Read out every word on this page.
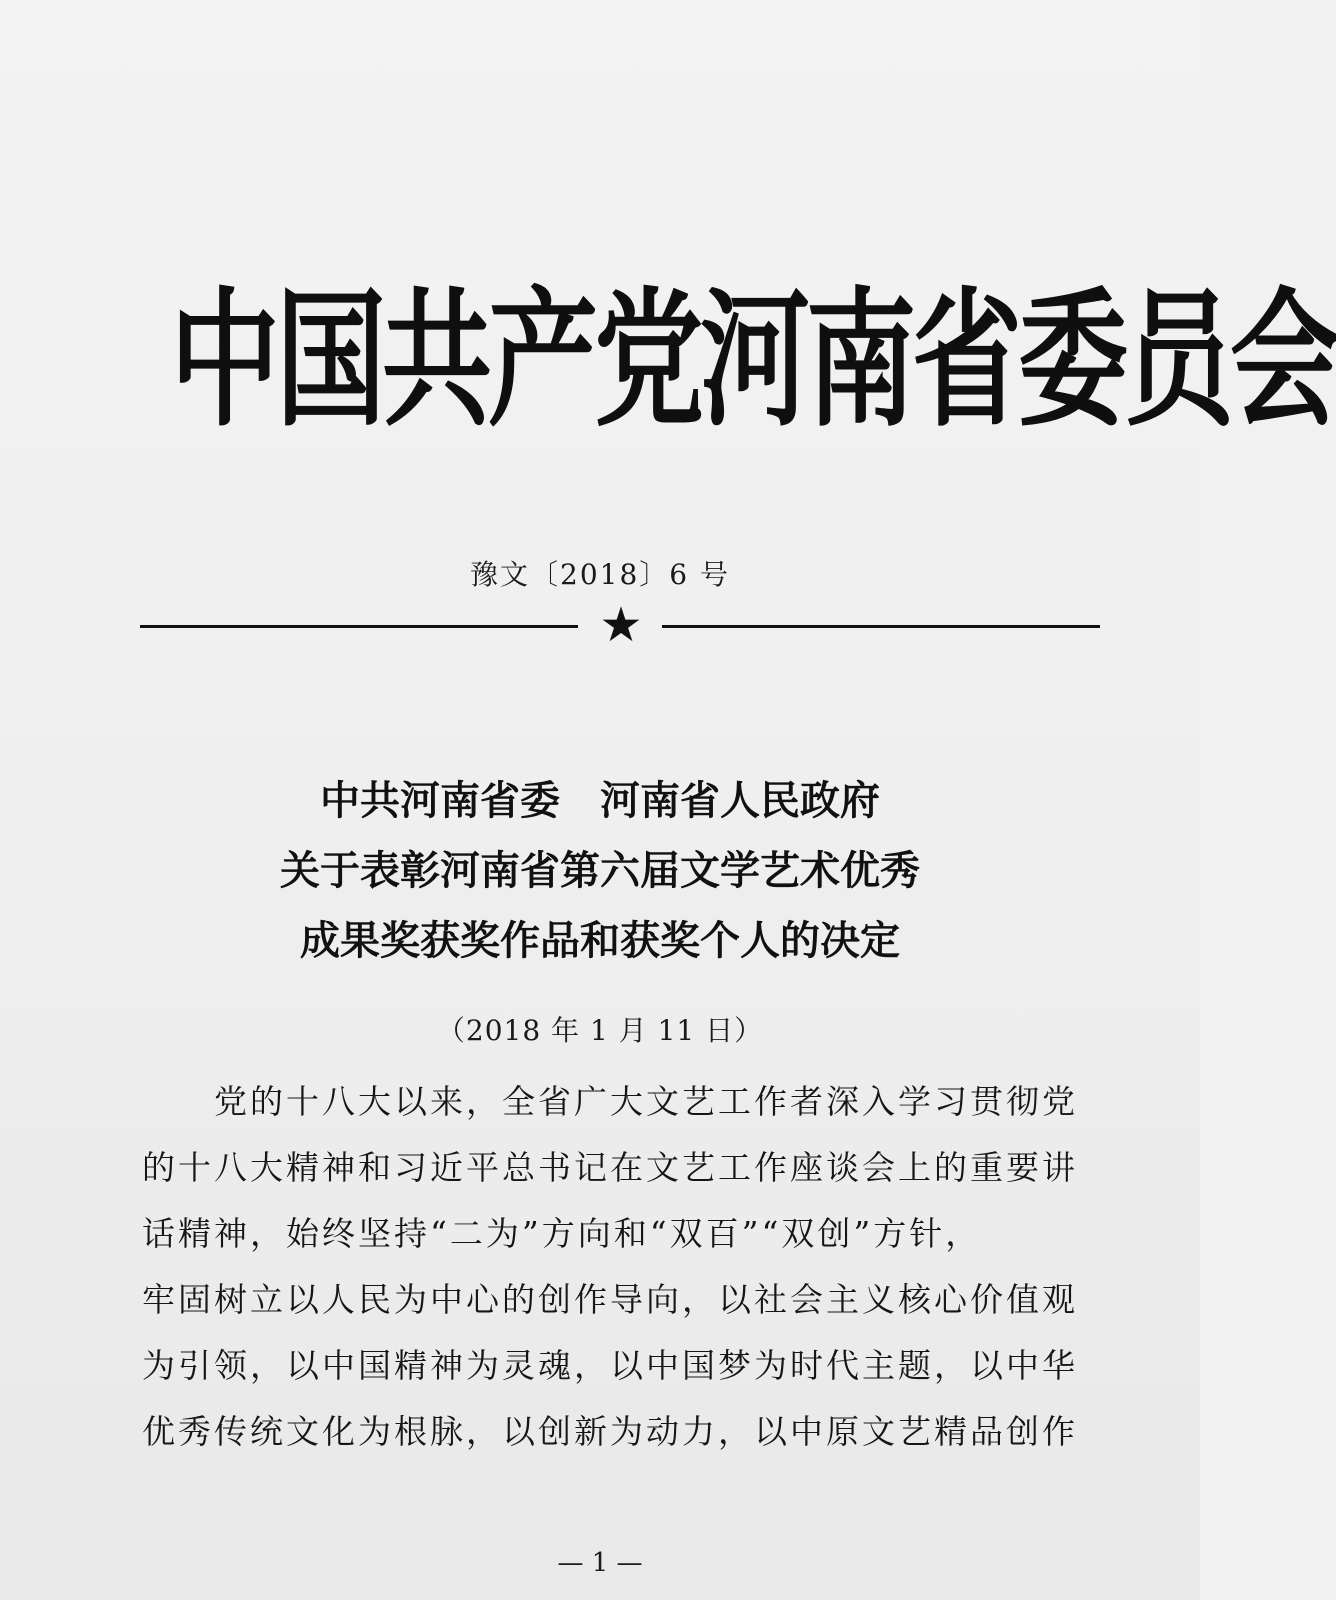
中国共产党河南省委员会
豫文〔2018〕6 号
★
中共河南省委　河南省人民政府
关于表彰河南省第六届文学艺术优秀
成果奖获奖作品和获奖个人的决定
（2018 年 1 月 11 日）
　　党的十八大以来，全省广大文艺工作者深入学习贯彻党
的十八大精神和习近平总书记在文艺工作座谈会上的重要讲
话精神，始终坚持“二为”方向和“双百”“双创”方针，
牢固树立以人民为中心的创作导向，以社会主义核心价值观
为引领，以中国精神为灵魂，以中国梦为时代主题，以中华
优秀传统文化为根脉，以创新为动力，以中原文艺精品创作
— 1 —
